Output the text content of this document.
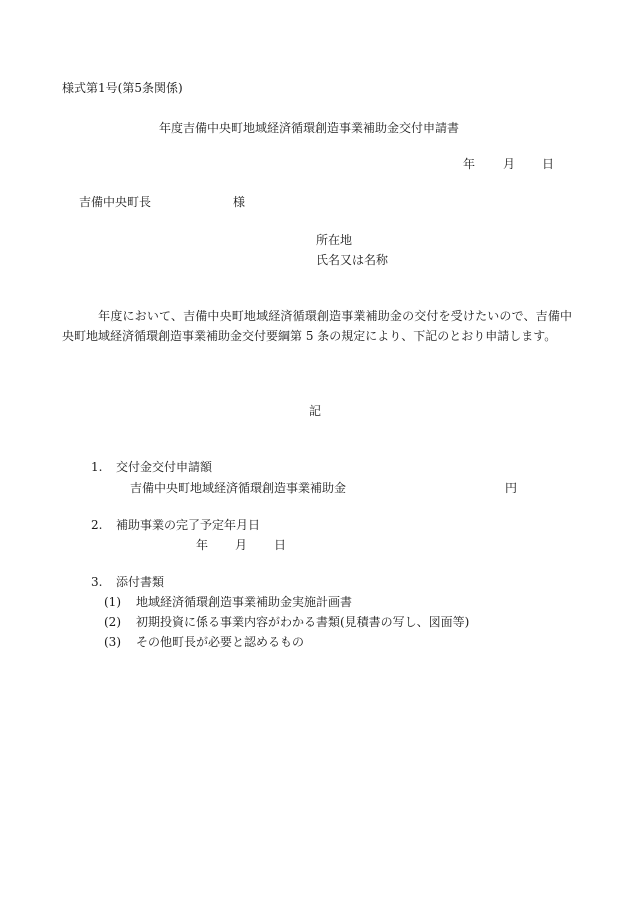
様式第1号(第5条関係)
年度吉備中央町地域経済循環創造事業補助金交付申請書
年 月 日
吉備中央町長	様
所在地
氏名又は名称
年度において、吉備中央町地域経済循環創造事業補助金の交付を受けたいので、吉備中央町地域経済循環創造事業補助金交付要綱第 5 条の規定により、下記のとおり申請します。
記
1. 交付金交付申請額
吉備中央町地域経済循環創造事業補助金	円
2. 補助事業の完了予定年月日
年 月 日
3. 添付書類
(1) 地域経済循環創造事業補助金実施計画書
(2) 初期投資に係る事業内容がわかる書類(見積書の写し、図面等)
(3) その他町長が必要と認めるもの
